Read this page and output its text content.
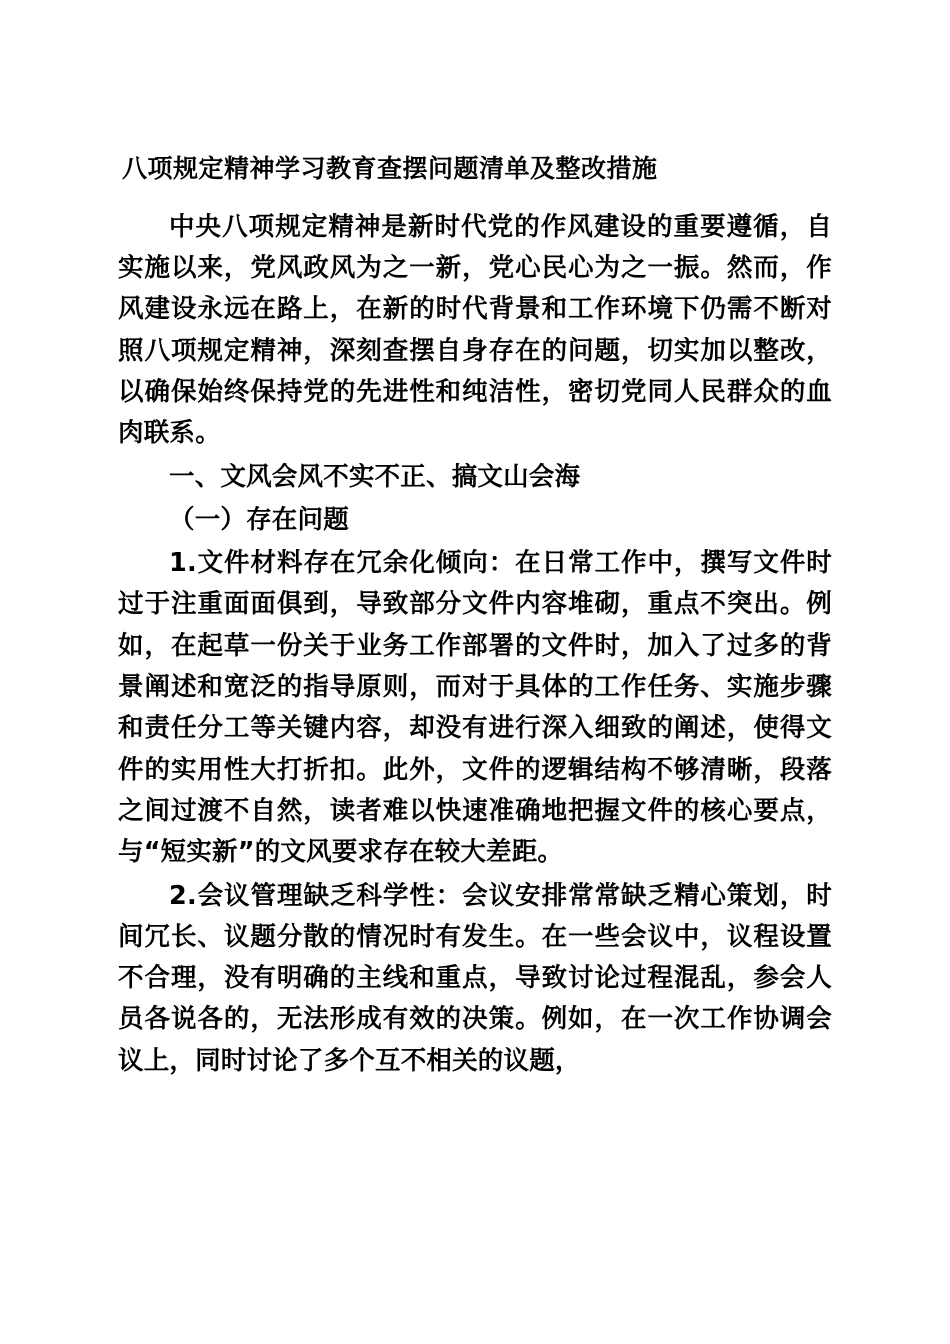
八项规定精神学习教育查摆问题清单及整改措施

中央八项规定精神是新时代党的作风建设的重要遵循，自实施以来，党风政风为之一新，党心民心为之一振。然而，作风建设永远在路上，在新的时代背景和工作环境下仍需不断对照八项规定精神，深刻查摆自身存在的问题，切实加以整改，以确保始终保持党的先进性和纯洁性，密切党同人民群众的血肉联系。

一、文风会风不实不正、搞文山会海

（一）存在问题

1.文件材料存在冗余化倾向：在日常工作中，撰写文件时过于注重面面俱到，导致部分文件内容堆砌，重点不突出。例如，在起草一份关于业务工作部署的文件时，加入了过多的背景阐述和宽泛的指导原则，而对于具体的工作任务、实施步骤和责任分工等关键内容，却没有进行深入细致的阐述，使得文件的实用性大打折扣。此外，文件的逻辑结构不够清晰，段落之间过渡不自然，读者难以快速准确地把握文件的核心要点，与“短实新”的文风要求存在较大差距。

2.会议管理缺乏科学性：会议安排常常缺乏精心策划，时间冗长、议题分散的情况时有发生。在一些会议中，议程设置不合理，没有明确的主线和重点，导致讨论过程混乱，参会人员各说各的，无法形成有效的决策。例如，在一次工作协调会议上，同时讨论了多个互不相关的议题，
